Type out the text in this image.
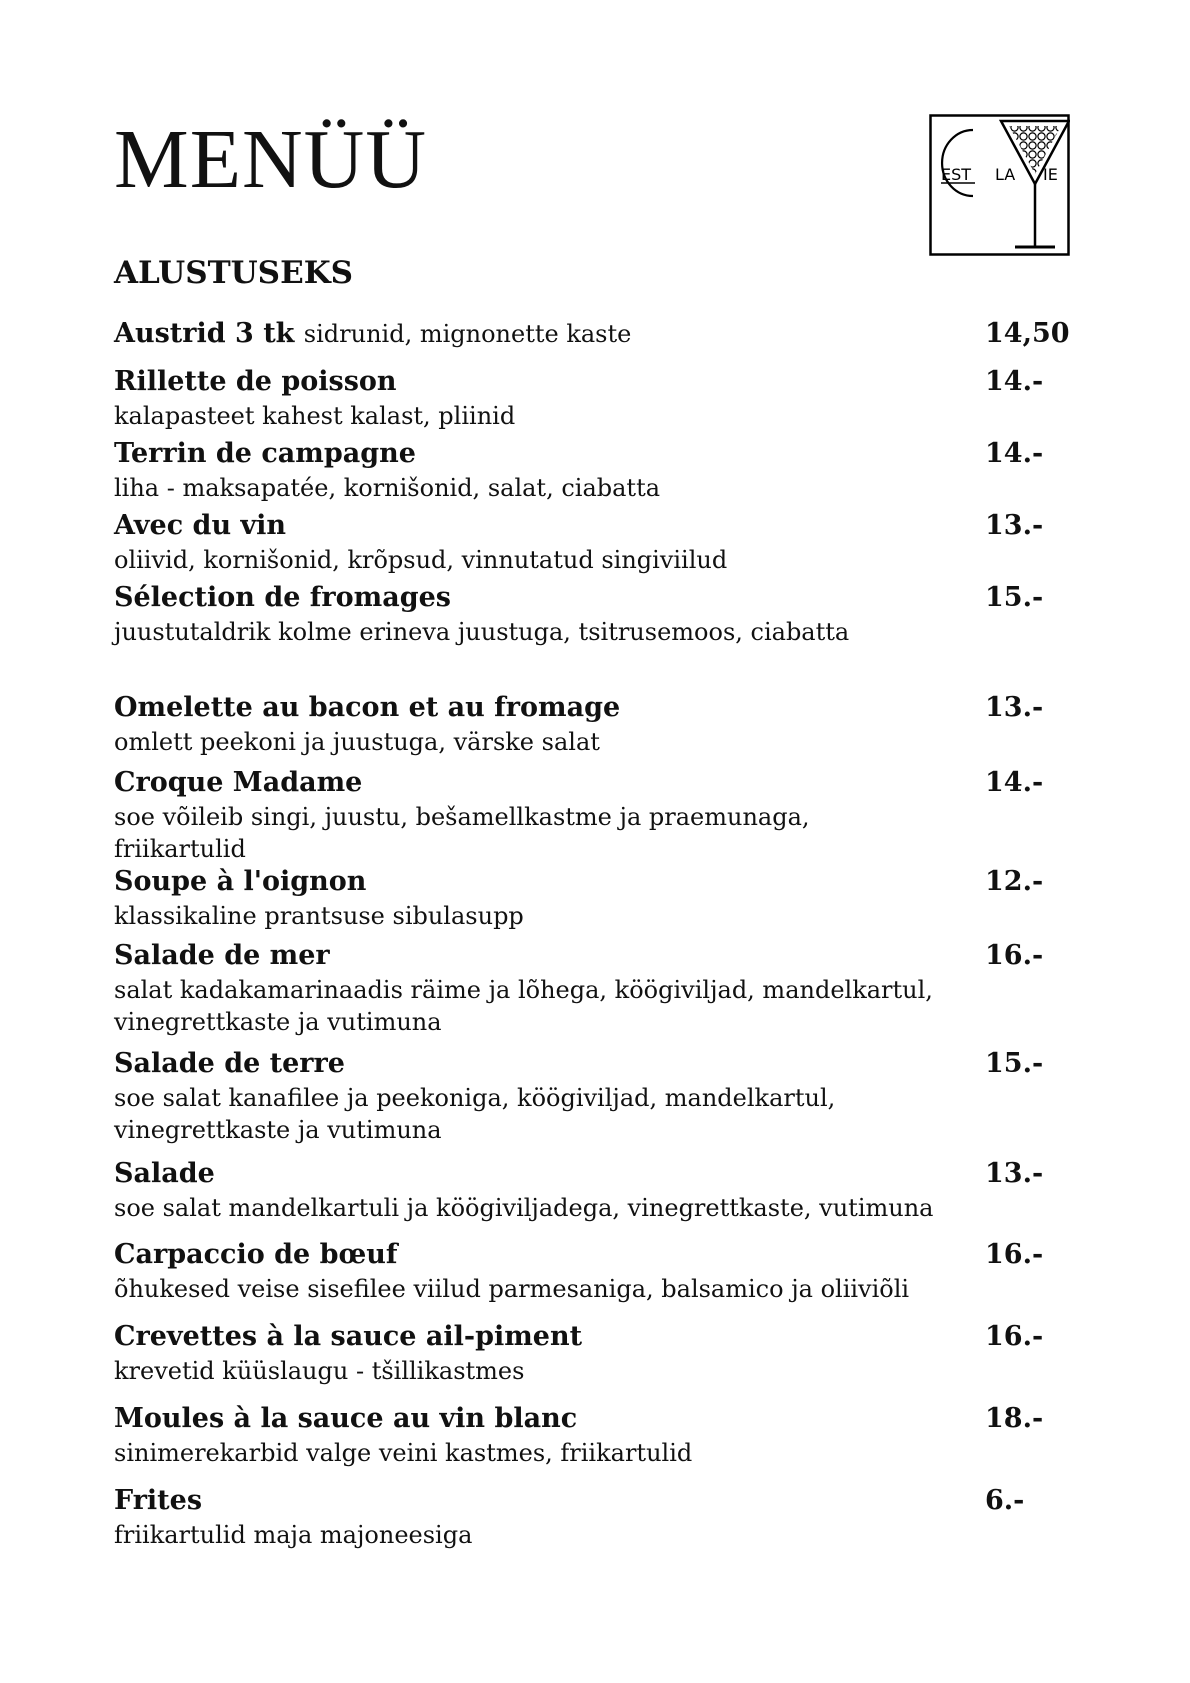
MENÜÜ	EST LA IE
ALUSTUSEKS
Austrid 3 tk sidrunid, mignonette kaste	14,50
Rillette de poisson
kalapasteet kahest kalast, pliinid
14.-
Terrin de campagne
liha - maksapatée, kornišonid, salat, ciabatta
14.-
Avec du vin
oliivid, kornišonid, krõpsud, vinnutatud singiviilud
13.-
Sélection de fromages
juustutaldrik kolme erineva juustuga, tsitrusemoos, ciabatta
15.-
Omelette au bacon et au fromage
omlett peekoni ja juustuga, värske salat
13.-
Croque Madame
soe võileib singi, juustu, bešamellkastme ja praemunaga, friikartulid
14.-
Soupe à l'oignon
klassikaline prantsuse sibulasupp
12.-
Salade de mer
salat kadakamarinaadis räime ja lõhega, köögiviljad, mandelkartul, vinegrettkaste ja vutimuna
16.-
Salade de terre
soe salat kanafilee ja peekoniga, köögiviljad, mandelkartul, vinegrettkaste ja vutimuna
15.-
Salade
soe salat mandelkartuli ja köögiviljadega, vinegrettkaste, vutimuna
13.-
Carpaccio de bœuf
õhukesed veise sisefilee viilud parmesaniga, balsamico ja oliiviõli
16.-
Crevettes à la sauce ail-piment
krevetid küüslaugu - tšillikastmes
16.-
Moules à la sauce au vin blanc
sinimerekarbid valge veini kastmes, friikartulid
18.-
Frites
friikartulid maja majoneesiga
6.-
